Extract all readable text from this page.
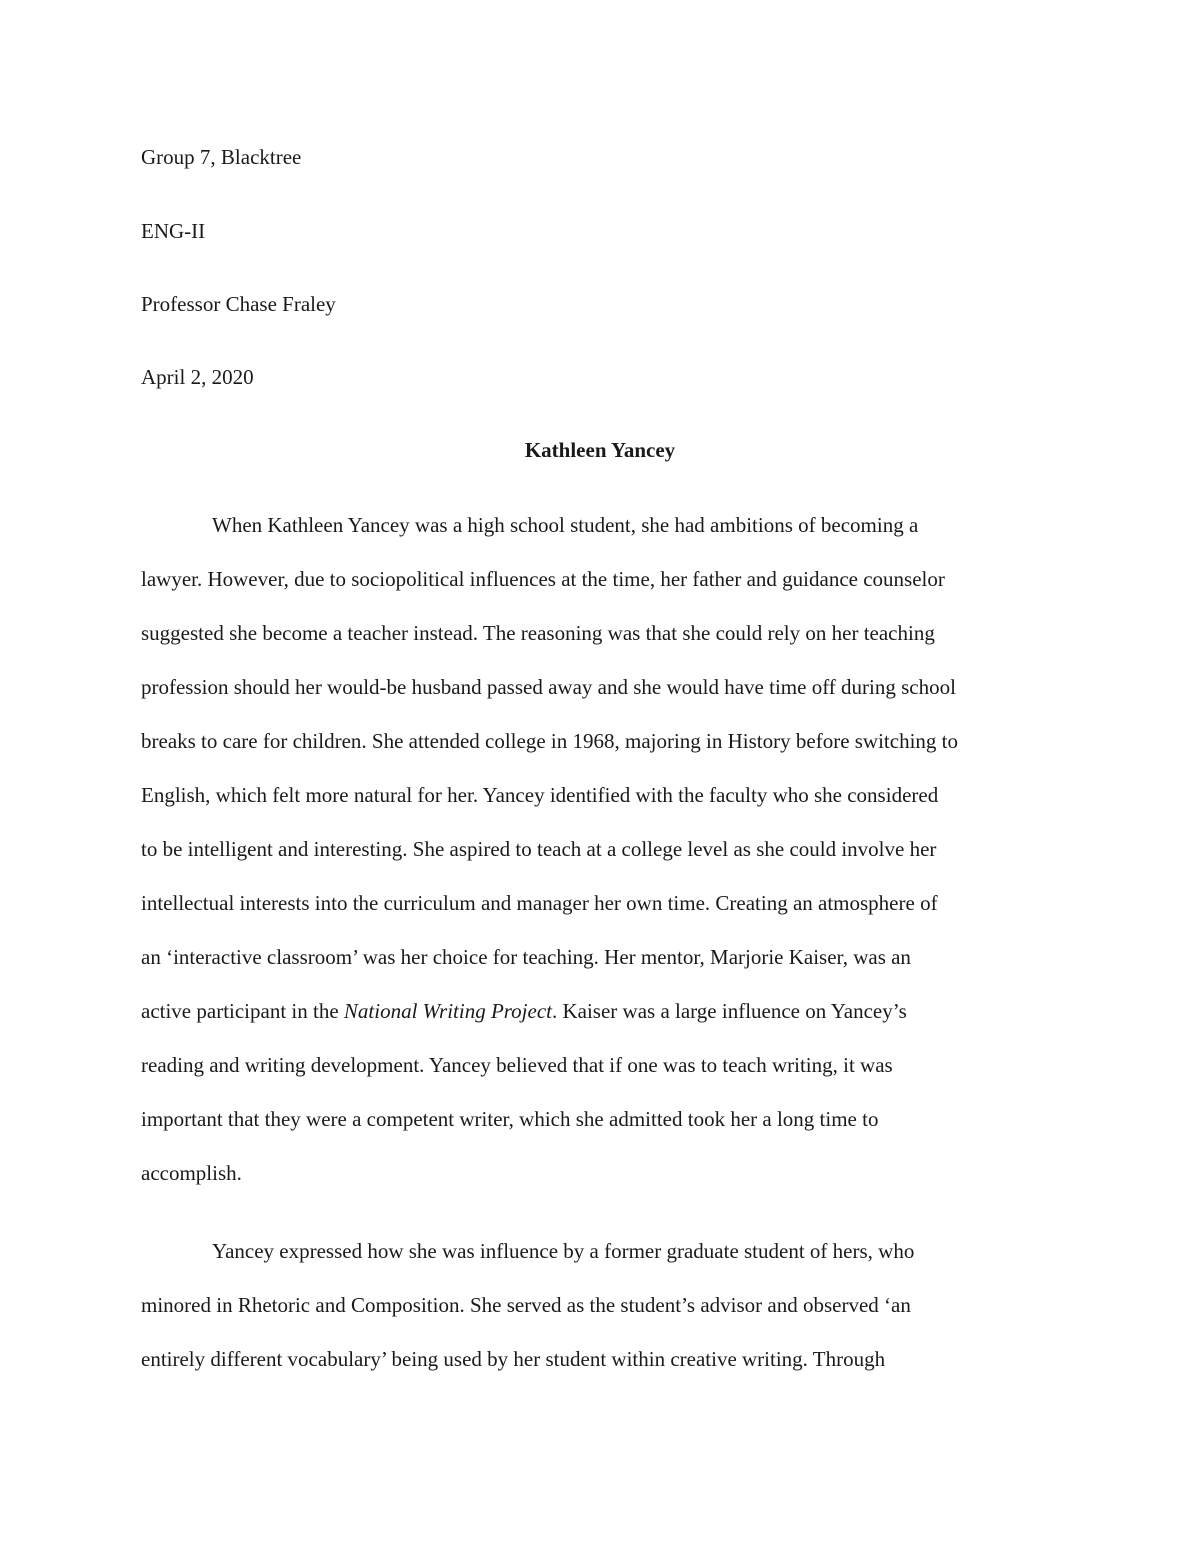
Group 7, Blacktree
ENG-II
Professor Chase Fraley
April 2, 2020
Kathleen Yancey
When Kathleen Yancey was a high school student, she had ambitions of becoming a
lawyer. However, due to sociopolitical influences at the time, her father and guidance counselor
suggested she become a teacher instead. The reasoning was that she could rely on her teaching
profession should her would-be husband passed away and she would have time off during school
breaks to care for children. She attended college in 1968, majoring in History before switching to
English, which felt more natural for her. Yancey identified with the faculty who she considered
to be intelligent and interesting. She aspired to teach at a college level as she could involve her
intellectual interests into the curriculum and manager her own time. Creating an atmosphere of
an ‘interactive classroom’ was her choice for teaching. Her mentor, Marjorie Kaiser, was an
active participant in the National Writing Project. Kaiser was a large influence on Yancey’s
reading and writing development. Yancey believed that if one was to teach writing, it was
important that they were a competent writer, which she admitted took her a long time to
accomplish.
Yancey expressed how she was influence by a former graduate student of hers, who
minored in Rhetoric and Composition. She served as the student’s advisor and observed ‘an
entirely different vocabulary’ being used by her student within creative writing. Through
